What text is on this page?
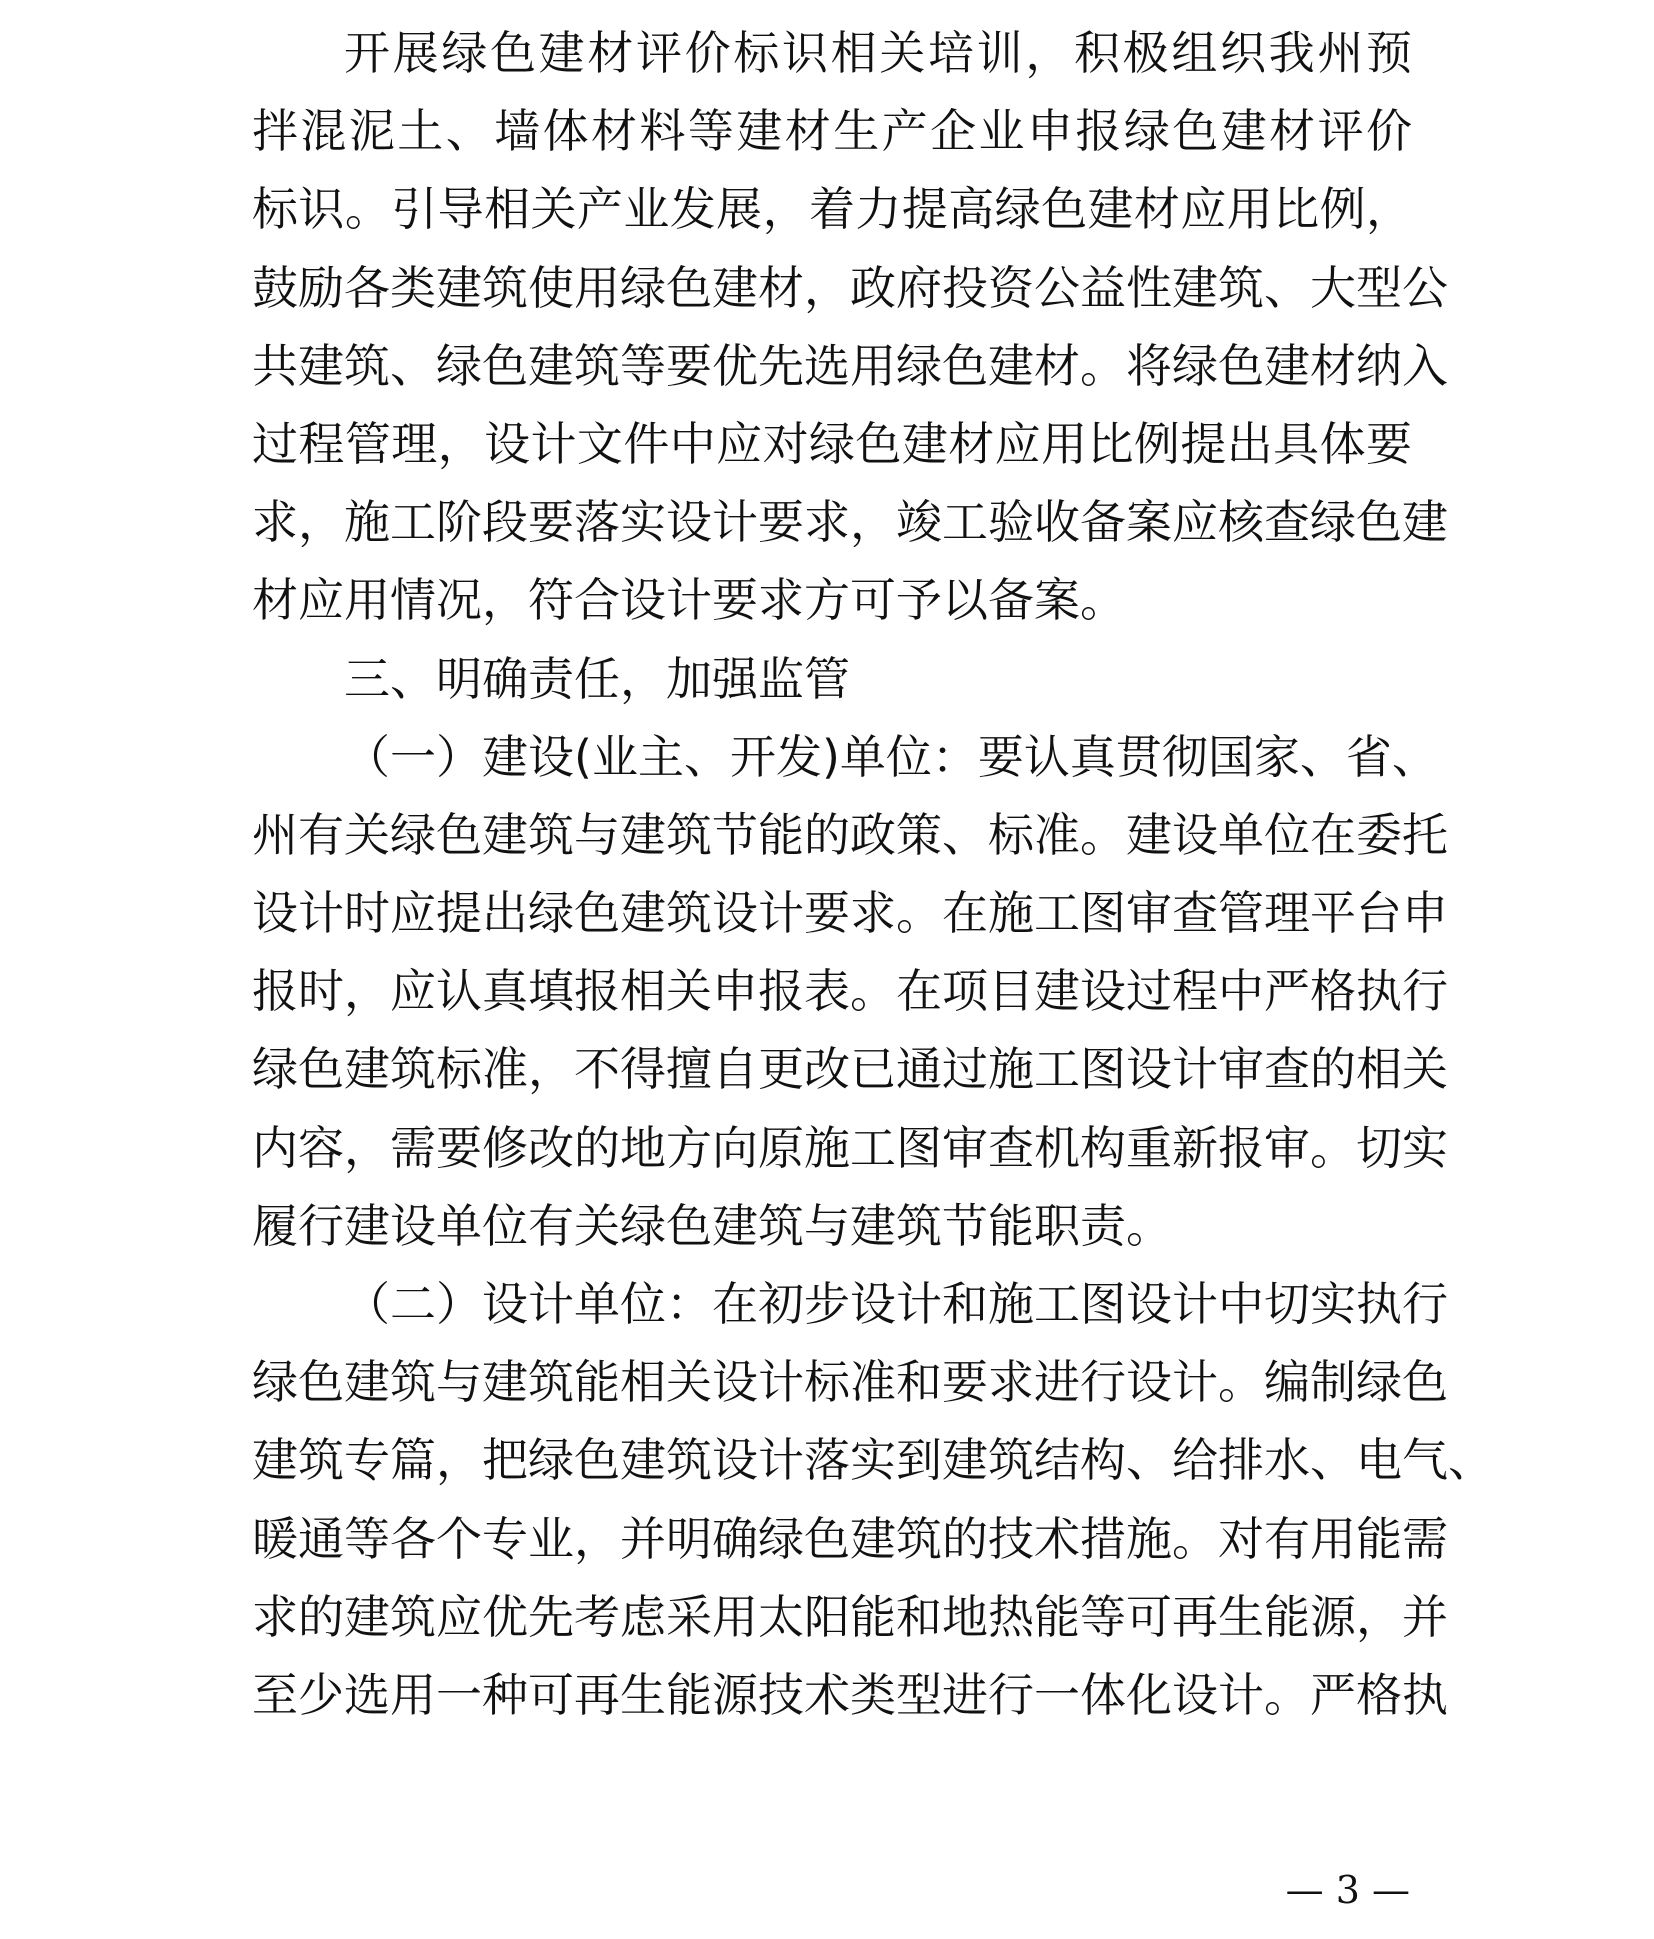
开展绿色建材评价标识相关培训，积极组织我州预
拌混泥土、墙体材料等建材生产企业申报绿色建材评价
标识。引导相关产业发展，着力提高绿色建材应用比例，
鼓励各类建筑使用绿色建材，政府投资公益性建筑、大型公
共建筑、绿色建筑等要优先选用绿色建材。将绿色建材纳入
过程管理，设计文件中应对绿色建材应用比例提出具体要
求，施工阶段要落实设计要求，竣工验收备案应核查绿色建
材应用情况，符合设计要求方可予以备案。
三、明确责任，加强监管
（一）建设(业主、开发)单位：要认真贯彻国家、省、
州有关绿色建筑与建筑节能的政策、标准。建设单位在委托
设计时应提出绿色建筑设计要求。在施工图审查管理平台申
报时，应认真填报相关申报表。在项目建设过程中严格执行
绿色建筑标准，不得擅自更改已通过施工图设计审查的相关
内容，需要修改的地方向原施工图审查机构重新报审。切实
履行建设单位有关绿色建筑与建筑节能职责。
（二）设计单位：在初步设计和施工图设计中切实执行
绿色建筑与建筑能相关设计标准和要求进行设计。编制绿色
建筑专篇，把绿色建筑设计落实到建筑结构、给排水、电气、
暖通等各个专业，并明确绿色建筑的技术措施。对有用能需
求的建筑应优先考虑采用太阳能和地热能等可再生能源，并
至少选用一种可再生能源技术类型进行一体化设计。严格执
— 3 —
